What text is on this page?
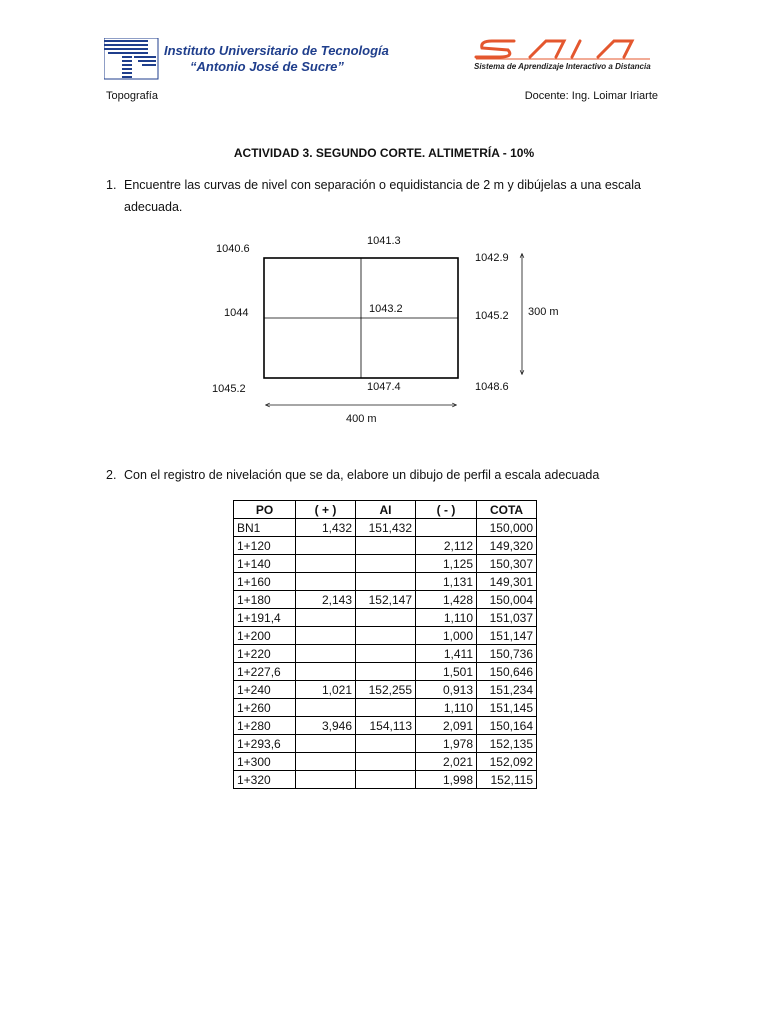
Instituto Universitario de Tecnología
“Antonio José de Sucre”	Sistema de Aprendizaje Interactivo a Distancia
Topografía	Docente: Ing. Loimar Iriarte
ACTIVIDAD 3. SEGUNDO CORTE. ALTIMETRÍA - 10%
1. Encuentre las curvas de nivel con separación o equidistancia de 2 m y dibújelas a una escala adecuada.
1040.6
1041.3
1042.9
1044	1043.2
1045.2
1045.2	1047.4	1048.6
400 m
300 m
2. Con el registro de nivelación que se da, elabore un dibujo de perfil a escala adecuada
PO	( + )	AI	( - )	COTA
BN1	1,432	151,432		150,000
1+120			2,112	149,320
1+140			1,125	150,307
1+160			1,131	149,301
1+180	2,143	152,147	1,428	150,004
1+191,4			1,110	151,037
1+200			1,000	151,147
1+220			1,411	150,736
1+227,6			1,501	150,646
1+240	1,021	152,255	0,913	151,234
1+260			1,110	151,145
1+280	3,946	154,113	2,091	150,164
1+293,6			1,978	152,135
1+300			2,021	152,092
1+320			1,998	152,115
